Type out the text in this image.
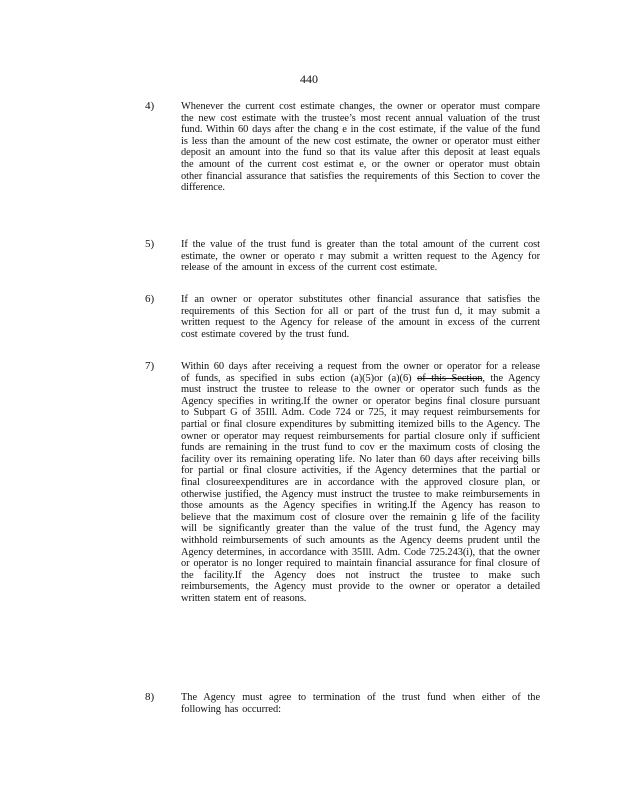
440
4)	Whenever the current cost estimate changes, the owner or operator must compare the new cost estimate with the trustee’s most recent annual valuation of the trust fund. Within 60 days after the chang e in the cost estimate, if the value of the fund is less than the amount of the new cost estimate, the owner or operator must either deposit an amount into the fund so that its value after this deposit at least equals the amount of the current cost estimat e, or the owner or operator must obtain other financial assurance that satisfies the requirements of this Section to cover the difference.
5)	If the value of the trust fund is greater than the total amount of the current cost estimate, the owner or operato r may submit a written request to the Agency for release of the amount in excess of the current cost estimate.
6)	If an owner or operator substitutes other financial assurance that satisfies the requirements of this Section for all or part of the trust fun d, it may submit a written request to the Agency for release of the amount in excess of the current cost estimate covered by the trust fund.
7)	Within 60 days after receiving a request from the owner or operator for a release of funds, as specified in subs ection (a)(5)or (a)(6) of this Section, the Agency must instruct the trustee to release to the owner or operator such funds as the Agency specifies in writing.If the owner or operator begins final closure pursuant to Subpart G of 35Ill. Adm. Code 724 or 725, it may request reimbursements for partial or final closure expenditures by submitting itemized bills to the Agency. The owner or operator may request reimbursements for partial closure only if sufficient funds are remaining in the trust fund to cov er the maximum costs of closing the facility over its remaining operating life. No later than 60 days after receiving bills for partial or final closure activities, if the Agency determines that the partial or final closureexpenditures are in accordance with the approved closure plan, or otherwise justified, the Agency must instruct the trustee to make reimbursements in those amounts as the Agency specifies in writing.If the Agency has reason to believe that the maximum cost of closure over the remainin g life of the facility will be significantly greater than the value of the trust fund, the Agency may withhold reimbursements of such amounts as the Agency deems prudent until the Agency determines, in accordance with 35Ill. Adm. Code 725.243(i), that the owner or operator is no longer required to maintain financial assurance for final closure of the facility.If the Agency does not instruct the trustee to make such reimbursements, the Agency must provide to the owner or operator a detailed written statem ent of reasons.
8)	The Agency must agree to termination of the trust fund when either of the following has occurred:
